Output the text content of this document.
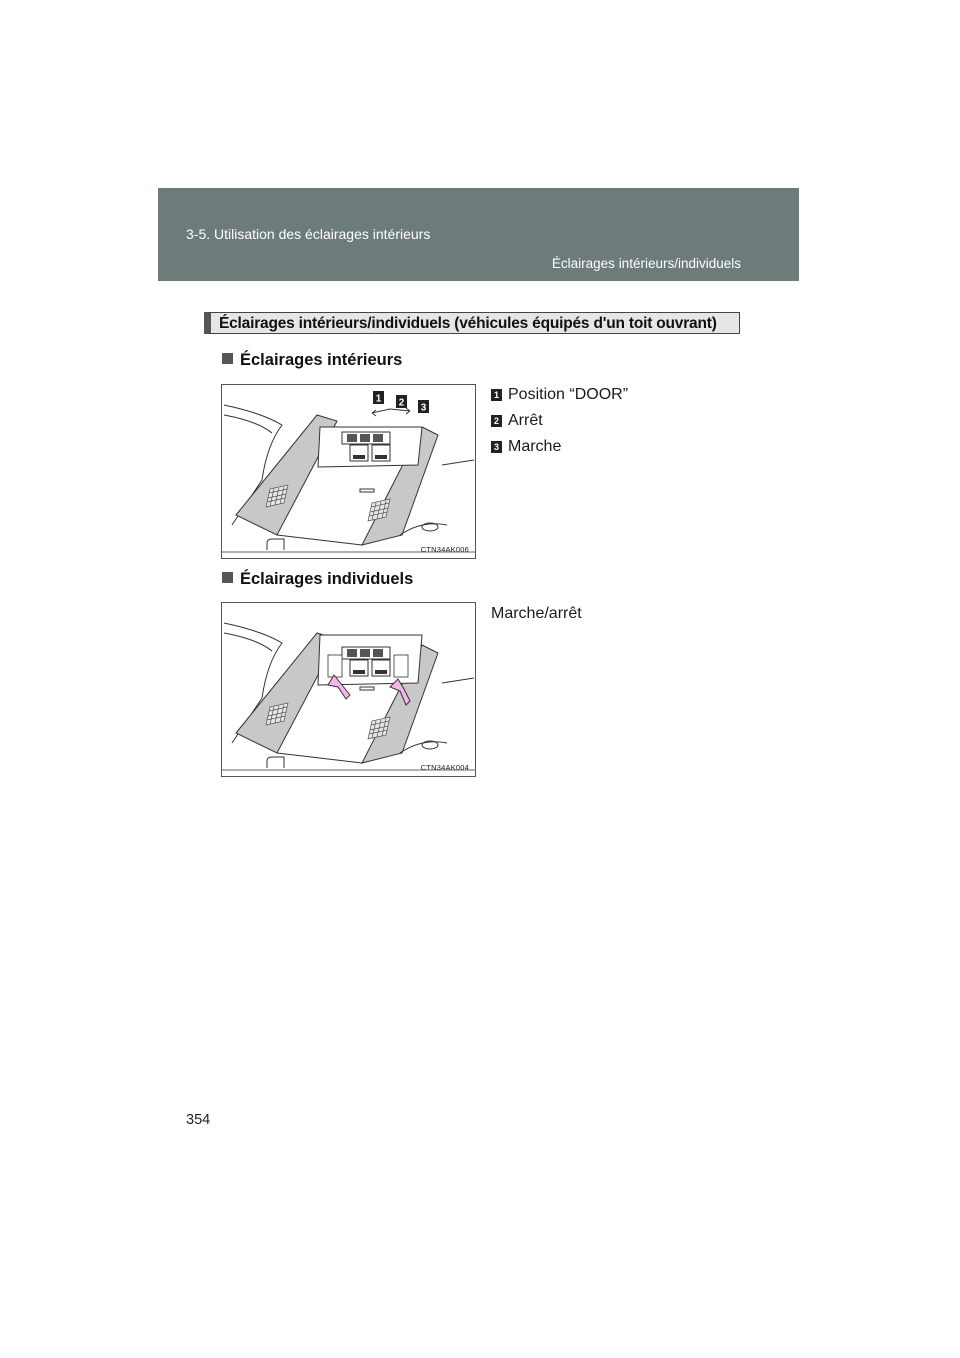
3-5. Utilisation des éclairages intérieurs
Éclairages intérieurs/individuels
Éclairages intérieurs/individuels (véhicules équipés d'un toit ouvrant)
Éclairages intérieurs
1 2 3
CTN34AK006
1 Position “DOOR”
2 Arrêt
3 Marche
Éclairages individuels
CTN34AK004
Marche/arrêt
354
